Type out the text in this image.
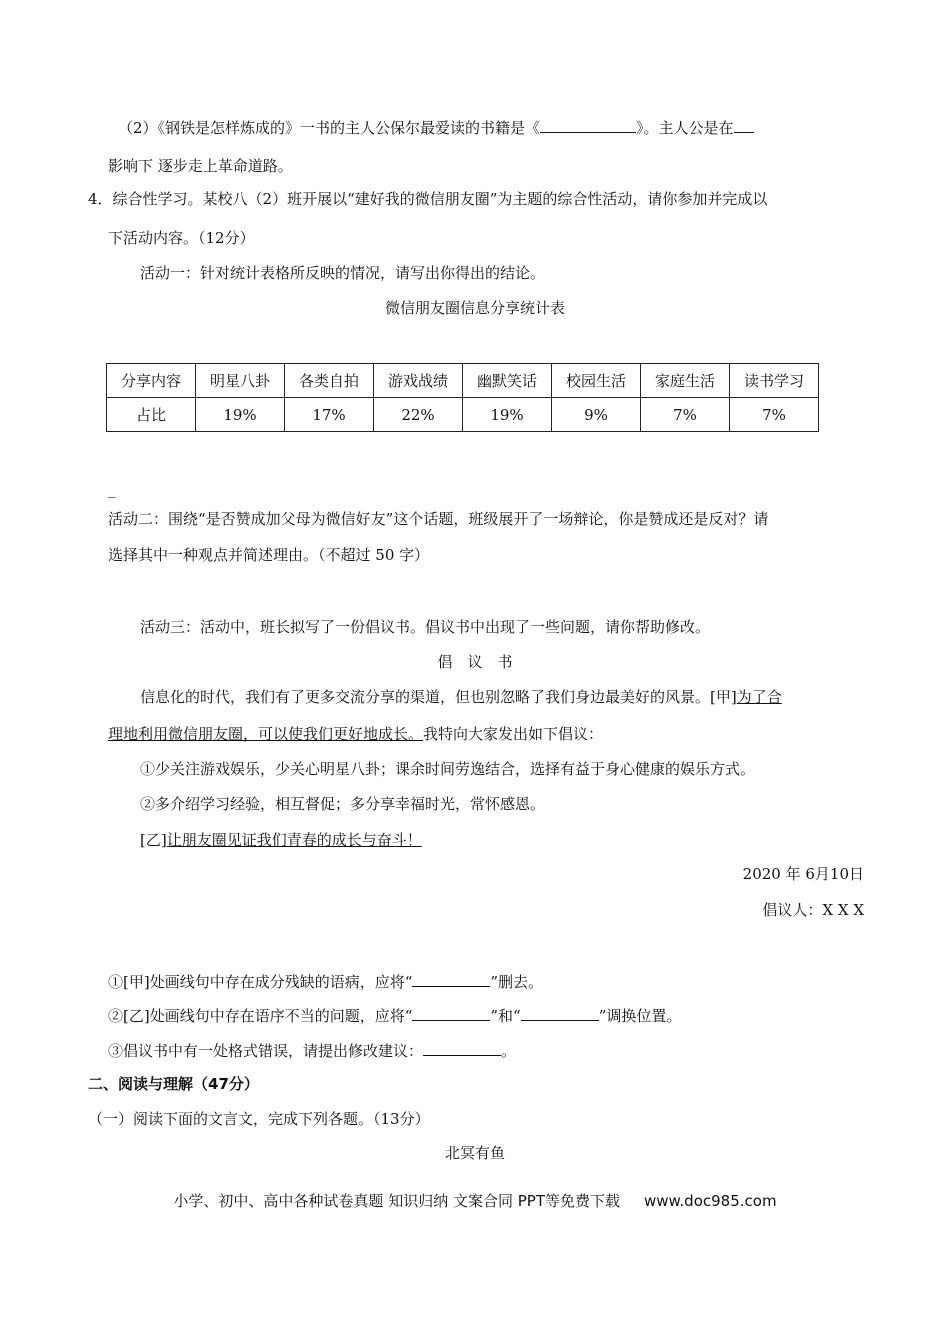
（2）《钢铁是怎样炼成的》一书的主人公保尔最爱读的书籍是《	》。主人公是在
影响下 逐步走上革命道路。
4．综合性学习。某校八（2）班开展以“建好我的微信朋友圈”为主题的综合性活动，请你参加并完成以
下活动内容。（12分）
活动一：针对统计表格所反映的情况，请写出你得出的结论。
微信朋友圈信息分享统计表
分享内容	明星八卦	各类自拍	游戏战绩	幽默笑话	校园生活	家庭生活	读书学习
占比	19%	17%	22%	19%	9%	7%	7%
_
活动二：围绕“是否赞成加父母为微信好友”这个话题，班级展开了一场辩论，你是赞成还是反对？请
选择其中一种观点并简述理由。（不超过 50 字）
活动三：活动中，班长拟写了一份倡议书。倡议书中出现了一些问题，请你帮助修改。
倡　议　书
信息化的时代，我们有了更多交流分享的渠道，但也别忽略了我们身边最美好的风景。[甲]为了合
理地利用微信朋友圈，可以使我们更好地成长。我特向大家发出如下倡议：
①少关注游戏娱乐，少关心明星八卦；课余时间劳逸结合，选择有益于身心健康的娱乐方式。
②多介绍学习经验，相互督促；多分享幸福时光，常怀感恩。
[乙]让朋友圈见证我们青春的成长与奋斗！
2020 年 6月10日
倡议人：X X X
①[甲]处画线句中存在成分残缺的语病，应将“	”删去。
②[乙]处画线句中存在语序不当的问题，应将“	”和“	”调换位置。
③倡议书中有一处格式错误，请提出修改建议：	。
二、阅读与理解（47分）
（一）阅读下面的文言文，完成下列各题。（13分）
北冥有鱼
小学、初中、高中各种试卷真题 知识归纳 文案合同 PPT等免费下载 www.doc985.com
